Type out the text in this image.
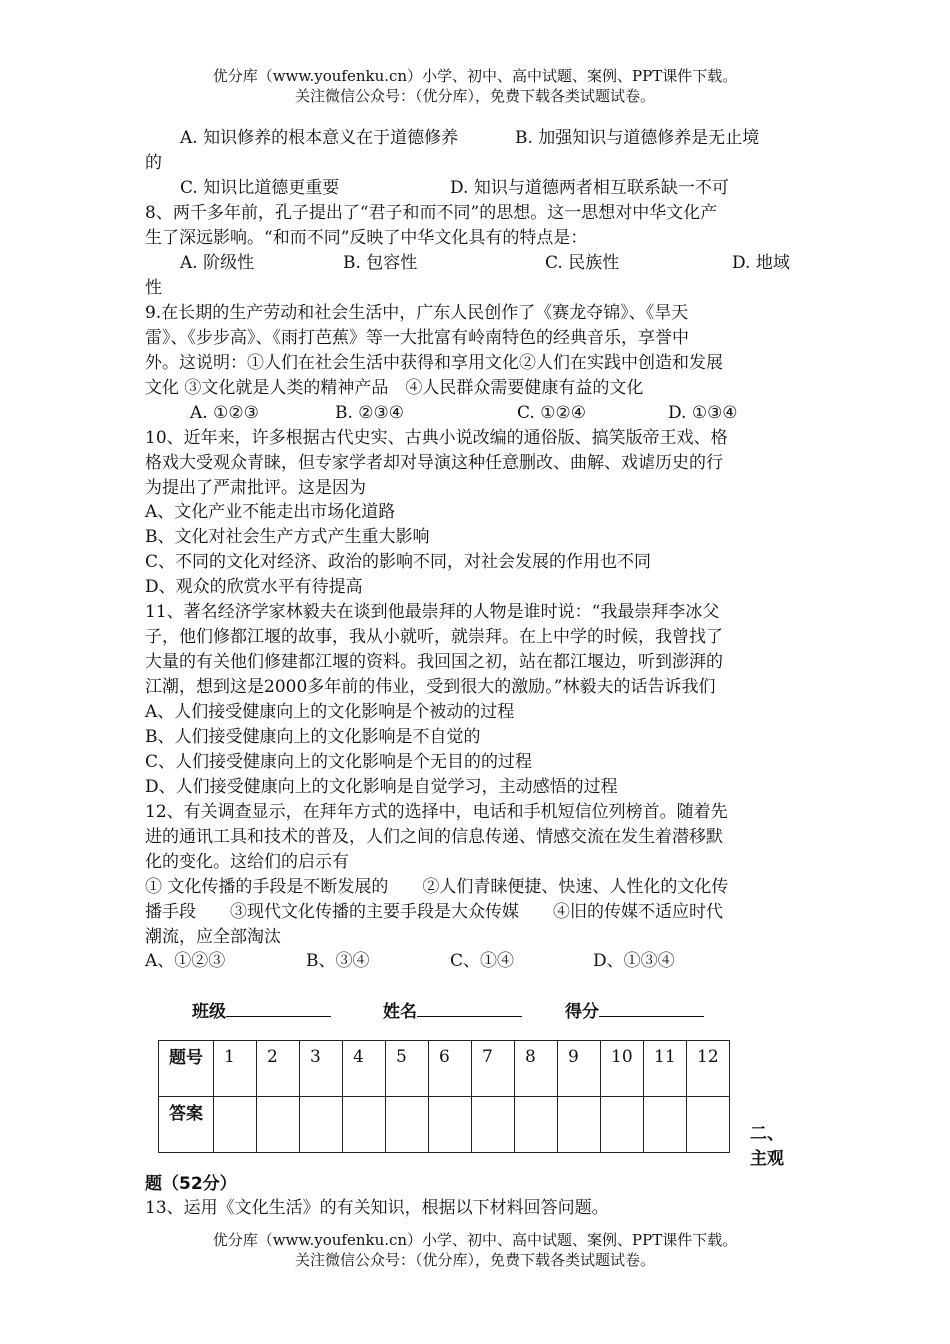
优分库（www.youfenku.cn）小学、初中、高中试题、案例、PPT课件下载。
关注微信公众号：（优分库），免费下载各类试题试卷。
A. 知识修养的根本意义在于道德修养	B. 加强知识与道德修养是无止境
的
C. 知识比道德更重要	D. 知识与道德两者相互联系缺一不可
8、两千多年前，孔子提出了“君子和而不同”的思想。这一思想对中华文化产
生了深远影响。“和而不同”反映了中华文化具有的特点是：
A. 阶级性	B. 包容性	C. 民族性	D. 地域
性
9.在长期的生产劳动和社会生活中，广东人民创作了《赛龙夺锦》、《旱天
雷》、《步步高》、《雨打芭蕉》等一大批富有岭南特色的经典音乐，享誉中
外。这说明：①人们在社会生活中获得和享用文化②人们在实践中创造和发展
文化 ③文化就是人类的精神产品　④人民群众需要健康有益的文化
A. ①②③	B. ②③④	C. ①②④	D. ①③④
10、近年来，许多根据古代史实、古典小说改编的通俗版、搞笑版帝王戏、格
格戏大受观众青睐，但专家学者却对导演这种任意删改、曲解、戏谑历史的行
为提出了严肃批评。这是因为
A、文化产业不能走出市场化道路
B、文化对社会生产方式产生重大影响
C、不同的文化对经济、政治的影响不同，对社会发展的作用也不同
D、观众的欣赏水平有待提高
11、著名经济学家林毅夫在谈到他最崇拜的人物是谁时说：“我最崇拜李冰父
子，他们修都江堰的故事，我从小就听，就崇拜。在上中学的时候，我曾找了
大量的有关他们修建都江堰的资料。我回国之初，站在都江堰边，听到澎湃的
江潮，想到这是2000多年前的伟业，受到很大的激励。”林毅夫的话告诉我们
A、人们接受健康向上的文化影响是个被动的过程
B、人们接受健康向上的文化影响是不自觉的
C、人们接受健康向上的文化影响是个无目的的过程
D、人们接受健康向上的文化影响是自觉学习，主动感悟的过程
12、有关调查显示，在拜年方式的选择中，电话和手机短信位列榜首。随着先
进的通讯工具和技术的普及，人们之间的信息传递、情感交流在发生着潜移默
化的变化。这给们的启示有
① 文化传播的手段是不断发展的　　②人们青睐便捷、快速、人性化的文化传
播手段　　③现代文化传播的主要手段是大众传媒　　④旧的传媒不适应时代
潮流，应全部淘汰
A、①②③	B、③④	C、①④	D、①③④
班级	姓名	得分
题号	1	2	3	4	5	6	7	8	9	10	11	12
答案												
二、
主观
题（52分）
13、运用《文化生活》的有关知识，根据以下材料回答问题。
优分库（www.youfenku.cn）小学、初中、高中试题、案例、PPT课件下载。
关注微信公众号：（优分库），免费下载各类试题试卷。
